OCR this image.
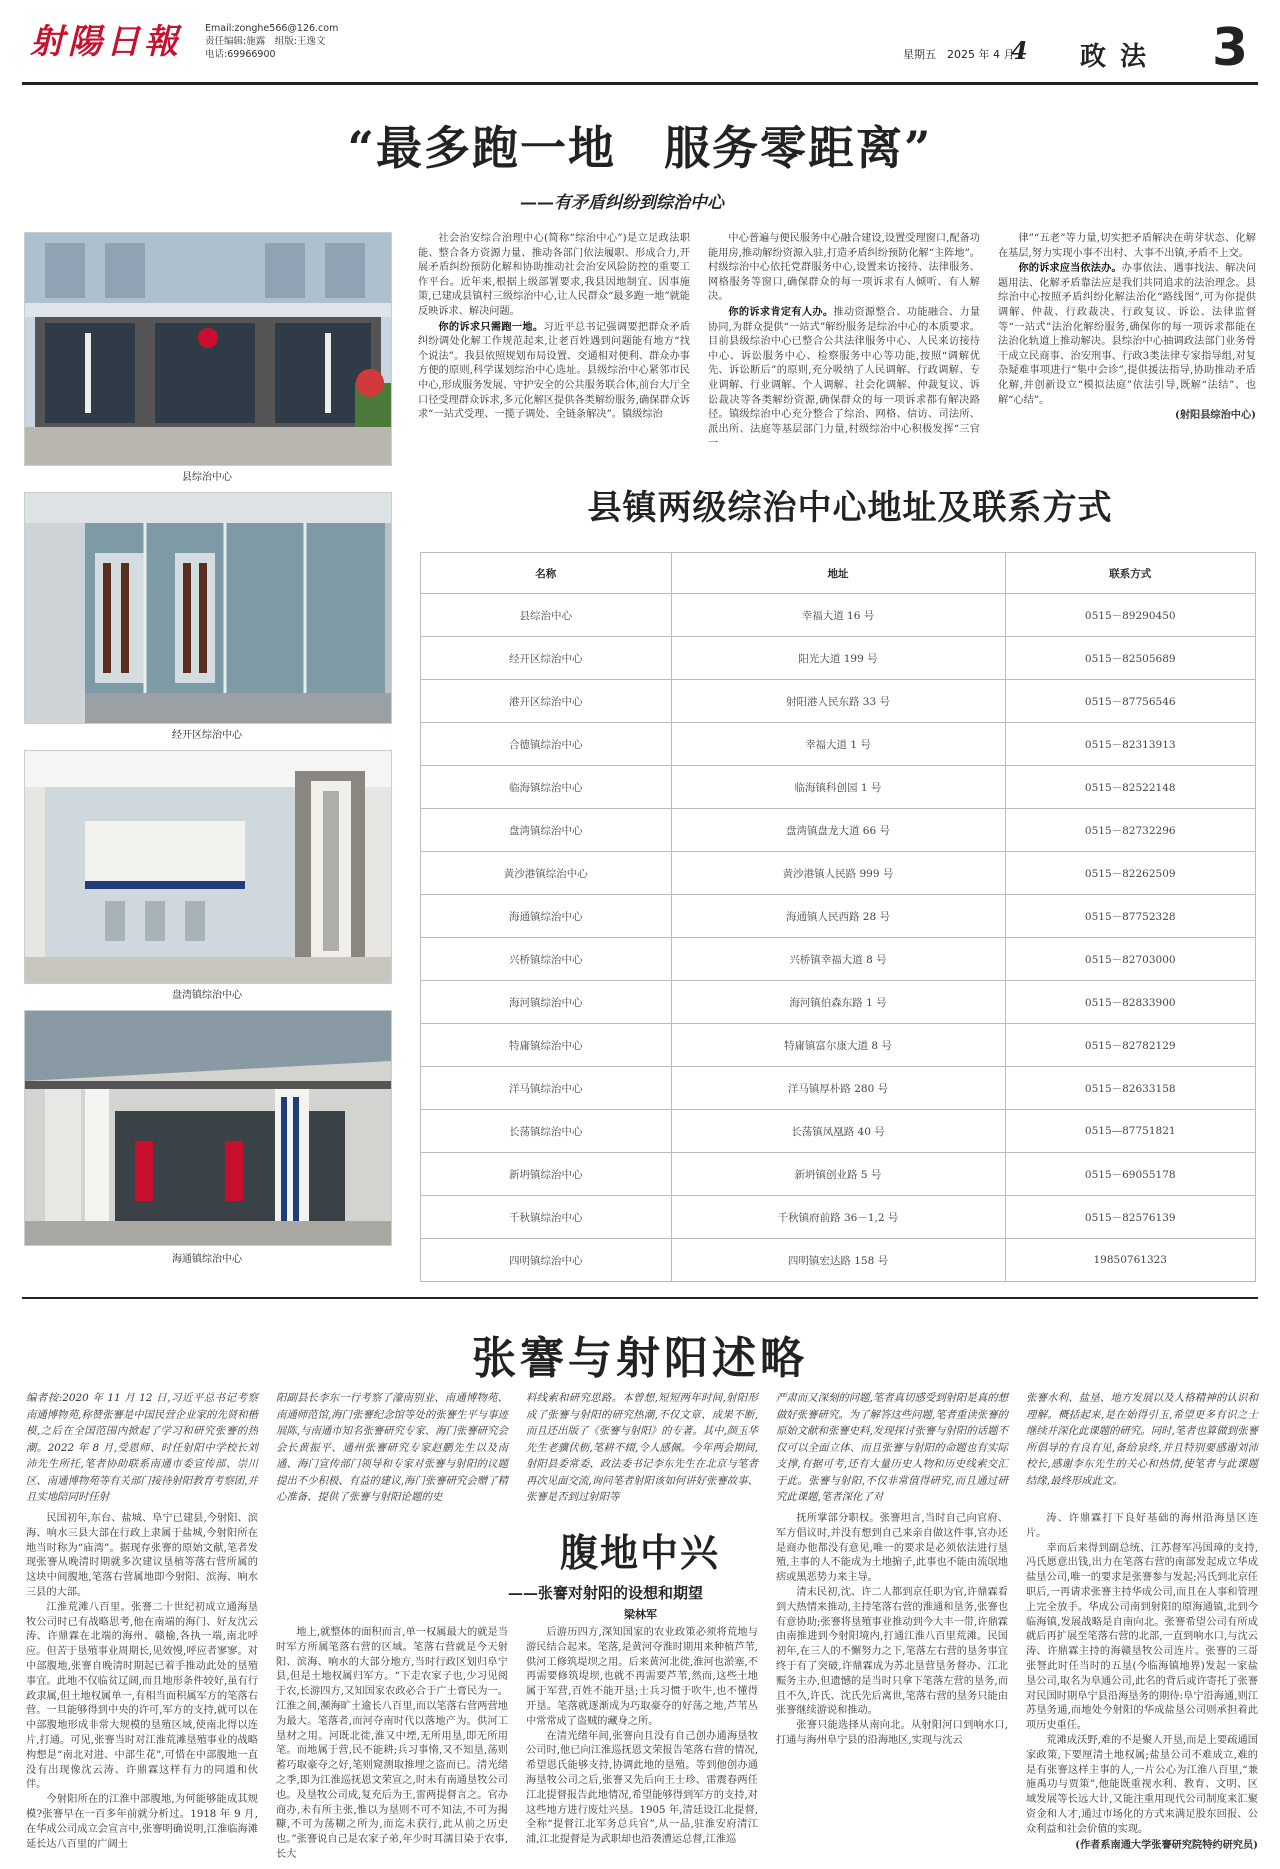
射陽日報 Email:zonghe566@126.com
责任编辑:施露　组版:王逸文
电话:69966900	星期五　2025 年 4 月
4 政法 3
“最多跑一地　服务零距离”
——有矛盾纠纷到综治中心
县综治中心
经开区综治中心
盘湾镇综治中心
海通镇综治中心

社会治安综合治理中心(简称“综治中心”)是立足政法职能、整合各方资源力量、推动各部门依法履职、形成合力,开展矛盾纠纷预防化解和协助推动社会治安风险防控的重要工作平台。近年来,根据上级部署要求,我县因地制宜、因事施策,已建成县镇村三级综治中心,让人民群众“最多跑一地”就能反映诉求、解决问题。

你的诉求只需跑一地。习近平总书记强调要把群众矛盾纠纷调处化解工作规范起来,让老百姓遇到问题能有地方“找个说法”。我县依照规划布局设置、交通相对便利、群众办事方便的原则,科学谋划综治中心选址。县级综治中心紧邻市民中心,形成服务发展、守护安全的公共服务联合体,前台大厅全口径受理群众诉求,多元化解区提供各类解纷服务,确保群众诉求“一站式受理、一揽子调处、全链条解决”。镇级综治

中心普遍与便民服务中心融合建设,设置受理窗口,配备功能用房,推动解纷资源入驻,打造矛盾纠纷预防化解“主阵地”。村级综治中心依托党群服务中心,设置来访接待、法律服务、网格服务等窗口,确保群众的每一项诉求有人倾听、有人解决。

你的诉求肯定有人办。推动资源整合、功能融合、力量协同,为群众提供“一站式”解纷服务是综治中心的本质要求。目前县级综治中心已整合公共法律服务中心、人民来访接待中心、诉讼服务中心、检察服务中心等功能,按照“调解优先、诉讼断后”的原则,充分吸纳了人民调解、行政调解、专业调解、行业调解、个人调解、社会化调解、仲裁复议、诉讼裁决等各类解纷资源,确保群众的每一项诉求都有解决路径。镇级综治中心充分整合了综治、网格、信访、司法所、派出所、法庭等基层部门力量,村级综治中心积极发挥“三官一

律”“五老”等力量,切实把矛盾解决在萌芽状态、化解在基层,努力实现小事不出村、大事不出镇,矛盾不上交。

你的诉求应当依法办。办事依法、遇事找法、解决问题用法、化解矛盾靠法应是我们共同追求的法治理念。县综治中心按照矛盾纠纷化解法治化“路线图”,可为你提供调解、仲裁、行政裁决、行政复议、诉讼、法律监督等“一站式”法治化解纷服务,确保你的每一项诉求都能在法治化轨道上推动解决。县综治中心抽调政法部门业务骨干成立民商事、治安刑事、行政3类法律专家指导组,对复杂疑难事项进行“集中会诊”,提供援法指导,协助推动矛盾化解,并创新设立“模拟法庭”依法引导,既解“法结”、也解“心结”。

(射阳县综治中心)
县镇两级综治中心地址及联系方式
名称	地址	联系方式
县综治中心	幸福大道 16 号	0515－89290450
经开区综治中心	阳光大道 199 号	0515－82505689
港开区综治中心	射阳港人民东路 33 号	0515－87756546
合德镇综治中心	幸福大道 1 号	0515－82313913
临海镇综治中心	临海镇科创园 1 号	0515－82522148
盘湾镇综治中心	盘湾镇盘龙大道 66 号	0515－82732296
黄沙港镇综治中心	黄沙港镇人民路 999 号	0515－82262509
海通镇综治中心	海通镇人民西路 28 号	0515－87752328
兴桥镇综治中心	兴桥镇幸福大道 8 号	0515－82703000
海河镇综治中心	海河镇伯森东路 1 号	0515－82833900
特庸镇综治中心	特庸镇富尔康大道 8 号	0515－82782129
洋马镇综治中心	洋马镇厚朴路 280 号	0515－82633158
长荡镇综治中心	长荡镇凤凰路 40 号	0515—87751821
新坍镇综治中心	新坍镇创业路 5 号	0515－69055178
千秋镇综治中心	千秋镇府前路 36－1,2 号	0515－82576139
四明镇综治中心	四明镇宏达路 158 号	19850761323
张謇与射阳述略
编者按:2020 年 11 月 12 日,习近平总书记考察南通博物苑,称赞张謇是中国民营企业家的先贤和楷模,之后在全国范围内掀起了学习和研究张謇的热潮。2022 年 8 月,受恩师、时任射阳中学校长刘沛先生所托,笔者协助联系南通市委宣传部、崇川区、南通博物苑等有关部门接待射阳教育考察团,并且实地陪同时任射
阳副县长李东一行考察了濠南别业、南通博物苑、南通师范馆,海门张謇纪念馆等处的张謇生平与事迹展陈,与南通市知名张謇研究专家、海门张謇研究会会长黄振平、通州张謇研究专家赵鹏先生以及南通、海门宣传部门领导和专家对张謇与射阳的议题提出不少积极、有益的建议,海门张謇研究会赠了精心准备、提供了张謇与射阳论题的史
料线索和研究思路。本曾想,短短两年时间,射阳形成了张謇与射阳的研究热潮,不仅文章、成果不断,而且还出版了《张謇与射阳》的专著。其中,颜玉华先生老骥伏枥,笔耕不辍,令人感佩。今年两会期间,射阳县委常委、政法委书记李东先生在北京与笔者再次见面交流,询问笔者射阳该如何讲好张謇故事、张謇是否到过射阳等
严肃而又深刻的问题,笔者真切感受到射阳是真的想做好张謇研究。为了解答这些问题,笔者重读张謇的原始文献和张謇史料,发现探讨张謇与射阳的话题不仅可以全面立体、而且张謇与射阳的命题也有实际支撑,有据可考,还有大量历史人物和历史线索交汇于此。张謇与射阳,不仅非常值得研究,而且通过研究此课题,笔者深化了对
张謇水利、盐垦、地方发展以及人格精神的认识和理解。概括起来,是在始得引玉,希望更多有识之士继续并深化此课题的研究。同时,笔者也算做到张謇所倡导的有良有见,备给泉终,并且特别要感谢刘沛校长,感谢李东先生的关心和热情,使笔者与此课题结缘,最终形成此文。
腹地中兴
——张謇对射阳的设想和期望
梁林军

民国初年,东台、盐城、阜宁已建县,今射阳、滨海、响水三县大部在行政上隶属于盐城,今射阳所在地当时称为“庙湾”。据现存张謇的原始文献,笔者发现张謇从晚清时期就多次建议垦植等落右营所属的这块中间腹地,笔落右营属地即今射阳、滨海、响水三县的大部。

江淮荒滩八百里。张謇二十世纪初成立通海垦牧公司时已有战略思考,他在南端的海门、好友沈云涛、许鼎霖在北端的海州、赣榆,各执一端,南北呼应。但苦于垦殖事业周期长,见效慢,呼应者寥寥。对中部腹地,张謇自晚清时期起已着手推动此处的垦殖事宜。此地不仅临贫辽阔,而且地形条件较好,虽有行政隶属,但土地权属单一,有相当面积属军方的笔落右营。一旦能够得到中央的许可,军方的支持,就可以在中部腹地形成非常大规模的垦殖区域,使南北得以连片,打通。可见,张謇当时对江淮荒滩垦殖事业的战略构想是“南北对进、中部生花”,可惜在中部腹地一直没有出现像沈云涛、许鼎霖这样有力的同道和伙伴。

今射阳所在的江淮中部腹地,为何能够能成其规模?张謇早在一百多年前就分析过。1918 年 9 月,在华成公司成立会宣言中,张謇明确说明,江淮临海滩延长达八百里的广阔土

地上,就整体的面积而言,单一权属最大的就是当时军方所属笔落右营的区域。笔落右营就是今天射阳、滨海、响水的大部分地方,当时行政区划归阜宁县,但是土地权属归军方。“下走农家子也,少习见阅于农,长游四方,又知国家农政必合于广土膏民为一。江淮之间,濒海旷土逾长八百里,而以笔落右营两营地为最大。笔落者,而河夺南时代以落地产为。供河工垦材之用。河既北徙,淮又中堙,无所用垦,即无所用笔。而地属于营,民不能耕;兵习事惰,又不知垦,荡则蓄巧取豪夺之好,笔则窥测取推埋之盗而已。清光绪之季,即为江淮巡抚恩文荣宣之,时未有南通垦牧公司也。及垦牧公司成,复充后为王,雷两提督言之。官办商办,未有所主张,惟以为垦则不可不知法,不可为揭糠,不可为荡糊之所为,而迄未获行,此从前之历史也。”张謇说自己是农家子弟,年少时耳濡目染于农事,长大

后游历四方,深知国家的农业政策必须将荒地与游民结合起来。笔落,是黄河夺淮时期用来种植芦苇,供河工修筑堤坝之用。后来黄河北徙,淮河也淤塞,不再需要修筑堤坝,也就不再需要芦苇,然而,这些土地属于军营,百姓不能开垦;士兵习惯于吹牛,也不懂得开垦。笔落就逐渐成为巧取豪夺的好荡之地,芦苇丛中常常成了盗贼的藏身之所。

在清光绪年间,张謇向且没有自己创办通海垦牧公司时,他已向江淮巡抚恩文荣报告笔落右营的情况,希望恩氏能够支持,协调此地的垦殖。等到他创办通海垦牧公司之后,张謇又先后向王士珍、雷震春两任江北提督报告此地情况,希望能够得到军方的支持,对这些地方进行废灶兴垦。1905 年,清廷设江北提督,全称“提督江北军务总兵官”,从一品,驻淮安府清江浦,江北提督是为武职却也沿袭漕运总督,江淮巡

抚所掌部分职权。张謇坦言,当时自己向官府、军方倡议时,并没有想到自己来亲自做这件事,官办还是商办他都没有意见,唯一的要求是必须依法进行垦殖,主事的人不能成为土地掮子,此事也不能由流氓地痞或黑恶势力来主导。

清末民初,沈、许二人都到京任职为官,许鼎霖看到大热情来推动,主持笔落右营的淮通和垦务,张謇也有意协助;张謇将垦殖事业推动到今大丰一带,许鼎霖由南推进到今射阳境内,打通江淮八百里荒滩。民国初年,在三人的不懈努力之下,笔落左右营的垦务事宜终于有了突破,许鼎霖成为苏北垦营垦务督办、江北赈务主办,但遗憾的是当时只拿下笔落左营的垦务,而且不久,许氏、沈氏先后离世,笔落右营的垦务只能由张謇继续游说和推动。

张謇只能选择从南向北。从射阳河口到响水口,打通与海州阜宁县的沿海地区,实现与沈云

涛、许鼎霖打下良好基础的海州沿海垦区连片。

幸而后来得到副总统、江苏督军冯国璋的支持,冯氏愿意出钱,出力在笔落右营的南部发起成立华成盐垦公司,唯一的要求是张謇参与发起;冯氏到北京任职后,一再请求张謇主持华成公司,而且在人事和管理上完全放手。华成公司南到射阳的原海通镇,北到今临海镇,发展战略是自南向北。张謇希望公司有所成就后再扩展至笔落右营的北部,一直到响水口,与沈云涛、许鼎霖主持的海赣垦牧公司连片。张謇的三哥张詧此时任当时的五垦(今临海镇地界)发起一家盐垦公司,取名为阜通公司,此名的背后或许寄托了张謇对民国时期阜宁县沿海垦务的期待:阜宁沿海通,则江苏垦务通,而地处今射阳的华成盐垦公司则承担着此项历史重任。

荒滩成沃野,难的不是聚人开垦,而是上要疏通国家政策,下要厘清土地权属;盐垦公司不难成立,难的是有张謇这样主事的人,一片公心为江淮八百里,“兼施禹功与贾策”,他能既重视水利、教育、文明、区域发展等长远大计,又能注重用现代公司制度来汇聚资金和人才,通过市场化的方式来满足股东回报、公众利益和社会价值的实现。

(作者系南通大学张謇研究院特约研究员)
